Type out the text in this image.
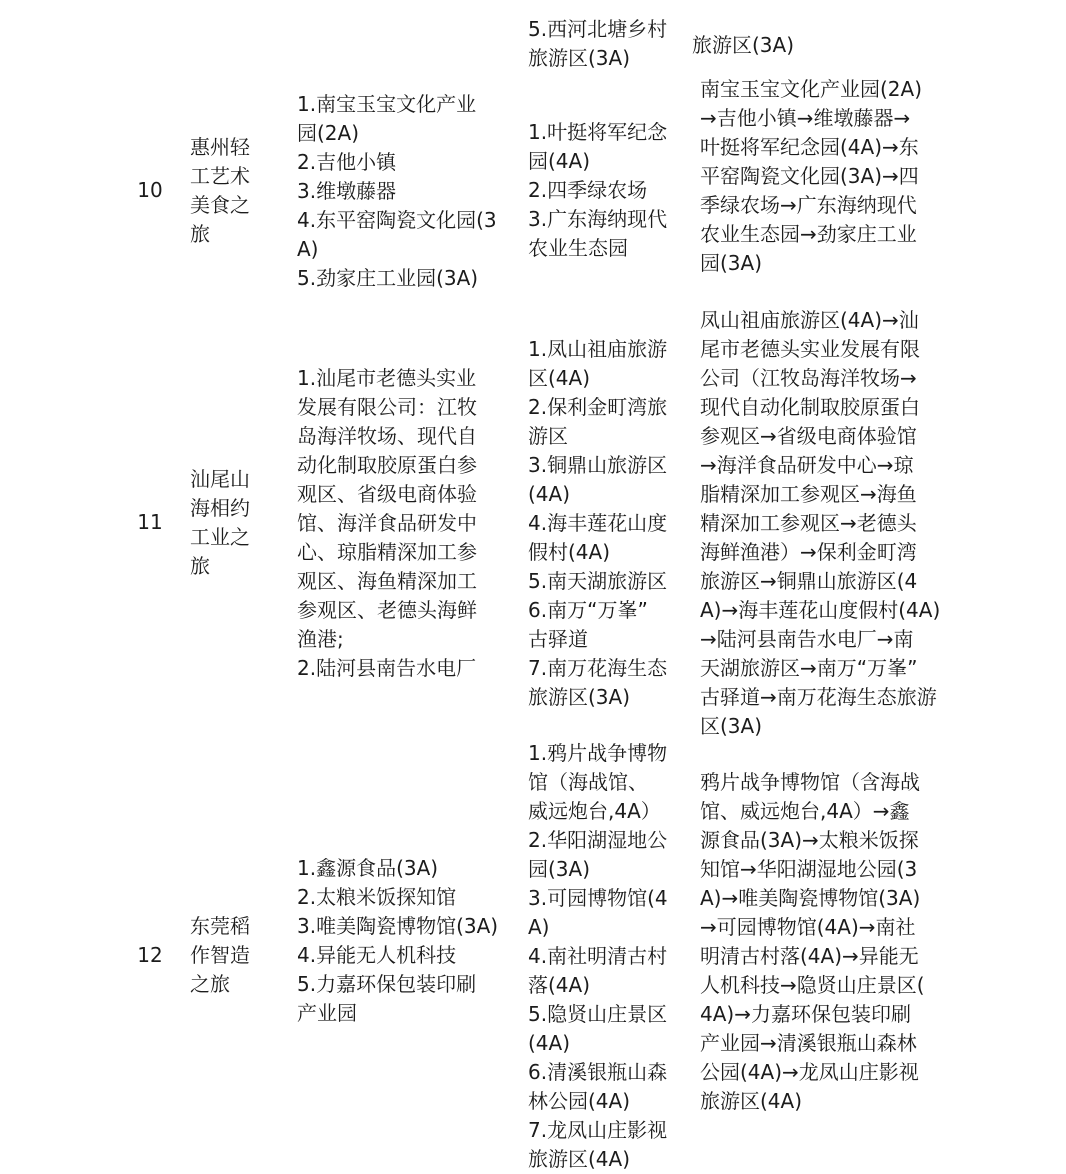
5.西河北塘乡村
旅游区(3A)
旅游区(3A)
10
惠州轻
工艺术
美食之
旅
1.南宝玉宝文化产业
园(2A)
2.吉他小镇
3.维墩藤器
4.东平窑陶瓷文化园(3
A)
5.劲家庄工业园(3A)
1.叶挺将军纪念
园(4A)
2.四季绿农场
3.广东海纳现代
农业生态园
南宝玉宝文化产业园(2A)
→吉他小镇→维墩藤器→
叶挺将军纪念园(4A)→东
平窑陶瓷文化园(3A)→四
季绿农场→广东海纳现代
农业生态园→劲家庄工业
园(3A)
11
汕尾山
海相约
工业之
旅
1.汕尾市老德头实业
发展有限公司：江牧
岛海洋牧场、现代自
动化制取胶原蛋白参
观区、省级电商体验
馆、海洋食品研发中
心、琼脂精深加工参
观区、海鱼精深加工
参观区、老德头海鲜
渔港;
2.陆河县南告水电厂
1.凤山祖庙旅游
区(4A)
2.保利金町湾旅
游区
3.铜鼎山旅游区
(4A)
4.海丰莲花山度
假村(4A)
5.南天湖旅游区
6.南万“万峯”
古驿道
7.南万花海生态
旅游区(3A)
凤山祖庙旅游区(4A)→汕
尾市老德头实业发展有限
公司（江牧岛海洋牧场→
现代自动化制取胶原蛋白
参观区→省级电商体验馆
→海洋食品研发中心→琼
脂精深加工参观区→海鱼
精深加工参观区→老德头
海鲜渔港）→保利金町湾
旅游区→铜鼎山旅游区(4
A)→海丰莲花山度假村(4A)
→陆河县南告水电厂→南
天湖旅游区→南万“万峯”
古驿道→南万花海生态旅游
区(3A)
12
东莞稻
作智造
之旅
1.鑫源食品(3A)
2.太粮米饭探知馆
3.唯美陶瓷博物馆(3A)
4.异能无人机科技
5.力嘉环保包装印刷
产业园
1.鸦片战争博物
馆（海战馆、
威远炮台,4A）
2.华阳湖湿地公
园(3A)
3.可园博物馆(4
A)
4.南社明清古村
落(4A)
5.隐贤山庄景区
(4A)
6.清溪银瓶山森
林公园(4A)
7.龙凤山庄影视
旅游区(4A)
鸦片战争博物馆（含海战
馆、威远炮台,4A）→鑫
源食品(3A)→太粮米饭探
知馆→华阳湖湿地公园(3
A)→唯美陶瓷博物馆(3A)
→可园博物馆(4A)→南社
明清古村落(4A)→异能无
人机科技→隐贤山庄景区(
4A)→力嘉环保包装印刷
产业园→清溪银瓶山森林
公园(4A)→龙凤山庄影视
旅游区(4A)
